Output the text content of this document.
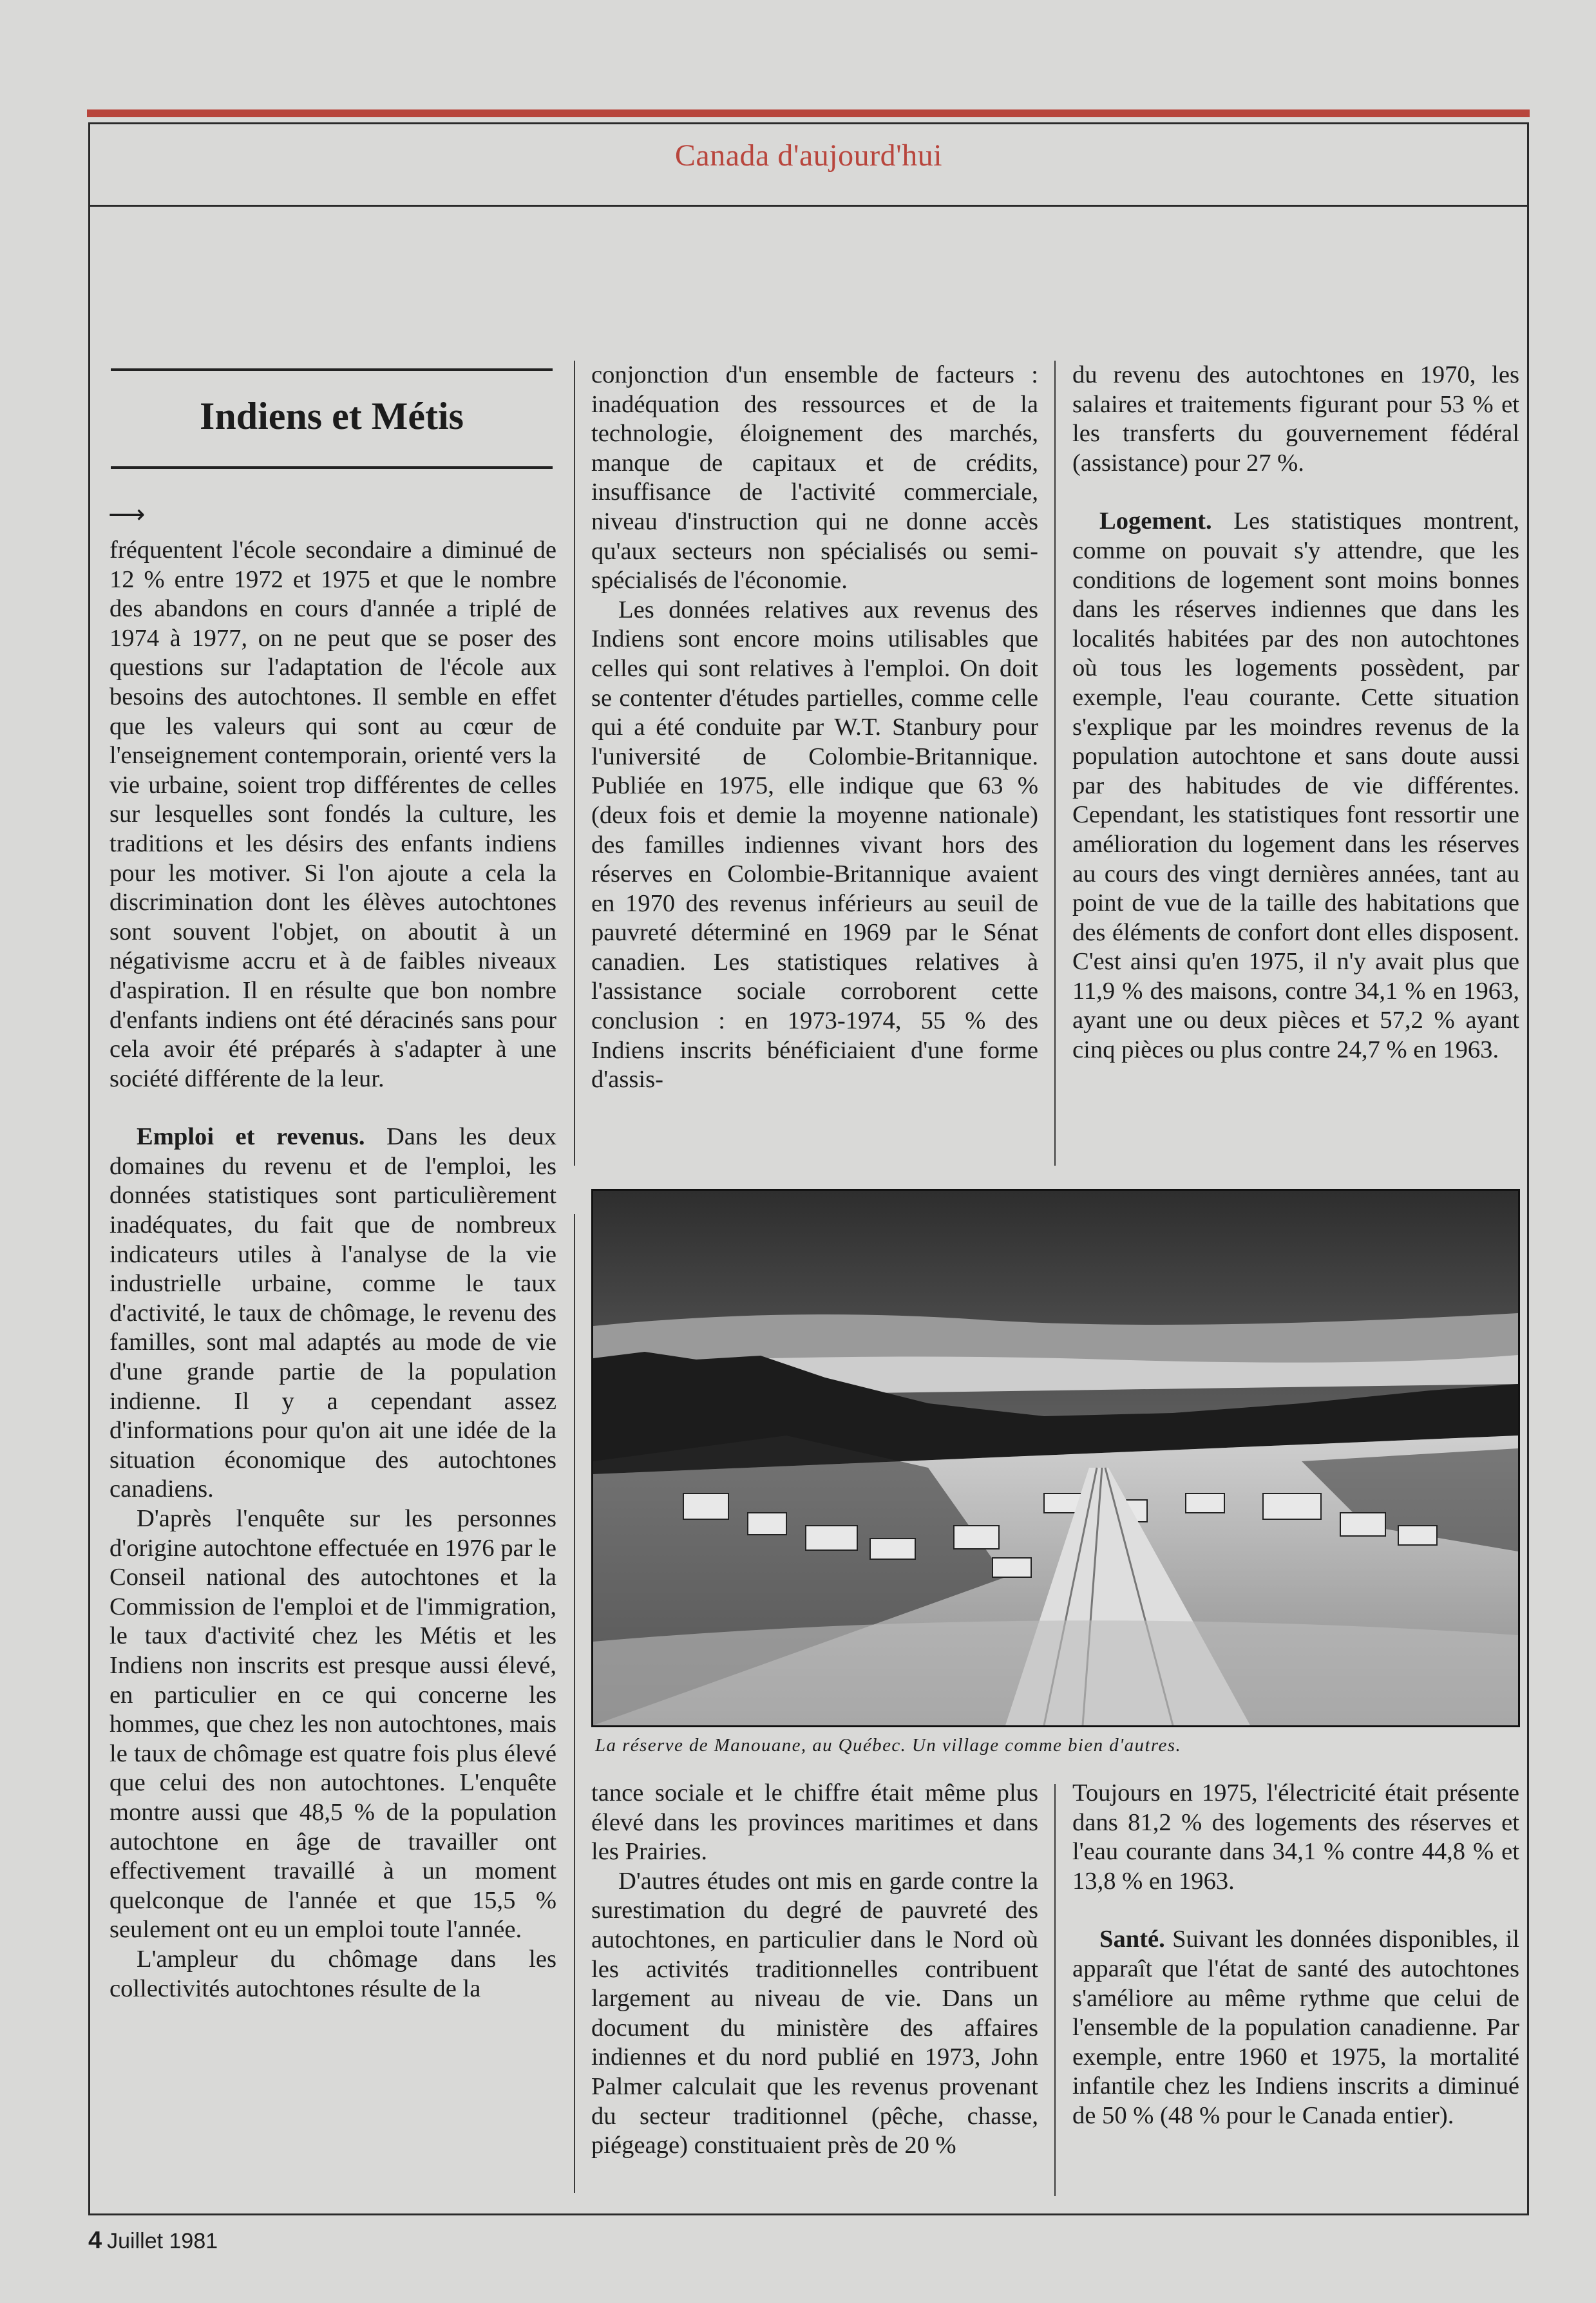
Canada d'aujourd'hui
Indiens et Métis
⟶

fréquentent l'école secondaire a diminué de 12 % entre 1972 et 1975 et que le nombre des abandons en cours d'année a triplé de 1974 à 1977, on ne peut que se poser des questions sur l'adaptation de l'école aux besoins des autochtones. Il semble en effet que les valeurs qui sont au cœur de l'enseignement contemporain, orienté vers la vie urbaine, soient trop différentes de celles sur lesquelles sont fondés la culture, les traditions et les désirs des enfants indiens pour les motiver. Si l'on ajoute a cela la discrimination dont les élèves autochtones sont souvent l'objet, on aboutit à un négativisme accru et à de faibles niveaux d'aspiration. Il en résulte que bon nombre d'enfants indiens ont été déracinés sans pour cela avoir été préparés à s'adapter à une société différente de la leur.

Emploi et revenus. Dans les deux domaines du revenu et de l'emploi, les données statistiques sont particulièrement inadéquates, du fait que de nombreux indicateurs utiles à l'analyse de la vie industrielle urbaine, comme le taux d'activité, le taux de chômage, le revenu des familles, sont mal adaptés au mode de vie d'une grande partie de la population indienne. Il y a cependant assez d'informations pour qu'on ait une idée de la situation économique des autochtones canadiens.

D'après l'enquête sur les personnes d'origine autochtone effectuée en 1976 par le Conseil national des autochtones et la Commission de l'emploi et de l'immigration, le taux d'activité chez les Métis et les Indiens non inscrits est presque aussi élevé, en particulier en ce qui concerne les hommes, que chez les non autochtones, mais le taux de chômage est quatre fois plus élevé que celui des non autochtones. L'enquête montre aussi que 48,5 % de la population autochtone en âge de travailler ont effectivement travaillé à un moment quelconque de l'année et que 15,5 % seulement ont eu un emploi toute l'année.

L'ampleur du chômage dans les collectivités autochtones résulte de la

conjonction d'un ensemble de facteurs : inadéquation des ressources et de la technologie, éloignement des marchés, manque de capitaux et de crédits, insuffisance de l'activité commerciale, niveau d'instruction qui ne donne accès qu'aux secteurs non spécialisés ou semi-spécialisés de l'économie.

Les données relatives aux revenus des Indiens sont encore moins utilisables que celles qui sont relatives à l'emploi. On doit se contenter d'études partielles, comme celle qui a été conduite par W.T. Stanbury pour l'université de Colombie-Britannique. Publiée en 1975, elle indique que 63 % (deux fois et demie la moyenne nationale) des familles indiennes vivant hors des réserves en Colombie-Britannique avaient en 1970 des revenus inférieurs au seuil de pauvreté déterminé en 1969 par le Sénat canadien. Les statistiques relatives à l'assistance sociale corroborent cette conclusion : en 1973-1974, 55 % des Indiens inscrits bénéficiaient d'une forme d'assis-

du revenu des autochtones en 1970, les salaires et traitements figurant pour 53 % et les transferts du gouvernement fédéral (assistance) pour 27 %.

Logement. Les statistiques montrent, comme on pouvait s'y attendre, que les conditions de logement sont moins bonnes dans les réserves indiennes que dans les localités habitées par des non autochtones où tous les logements possèdent, par exemple, l'eau courante. Cette situation s'explique par les moindres revenus de la population autochtone et sans doute aussi par des habitudes de vie différentes. Cependant, les statistiques font ressortir une amélioration du logement dans les réserves au cours des vingt dernières années, tant au point de vue de la taille des habitations que des éléments de confort dont elles disposent. C'est ainsi qu'en 1975, il n'y avait plus que 11,9 % des maisons, contre 34,1 % en 1963, ayant une ou deux pièces et 57,2 % ayant cinq pièces ou plus contre 24,7 % en 1963.

La réserve de Manouane, au Québec. Un village comme bien d'autres.

tance sociale et le chiffre était même plus élevé dans les provinces maritimes et dans les Prairies.

D'autres études ont mis en garde contre la surestimation du degré de pauvreté des autochtones, en particulier dans le Nord où les activités traditionnelles contribuent largement au niveau de vie. Dans un document du ministère des affaires indiennes et du nord publié en 1973, John Palmer calculait que les revenus provenant du secteur traditionnel (pêche, chasse, piégeage) constituaient près de 20 %

Toujours en 1975, l'électricité était présente dans 81,2 % des logements des réserves et l'eau courante dans 34,1 % contre 44,8 % et 13,8 % en 1963.

Santé. Suivant les données disponibles, il apparaît que l'état de santé des autochtones s'améliore au même rythme que celui de l'ensemble de la population canadienne. Par exemple, entre 1960 et 1975, la mortalité infantile chez les Indiens inscrits a diminué de 50 % (48 % pour le Canada entier).

4 Juillet 1981
